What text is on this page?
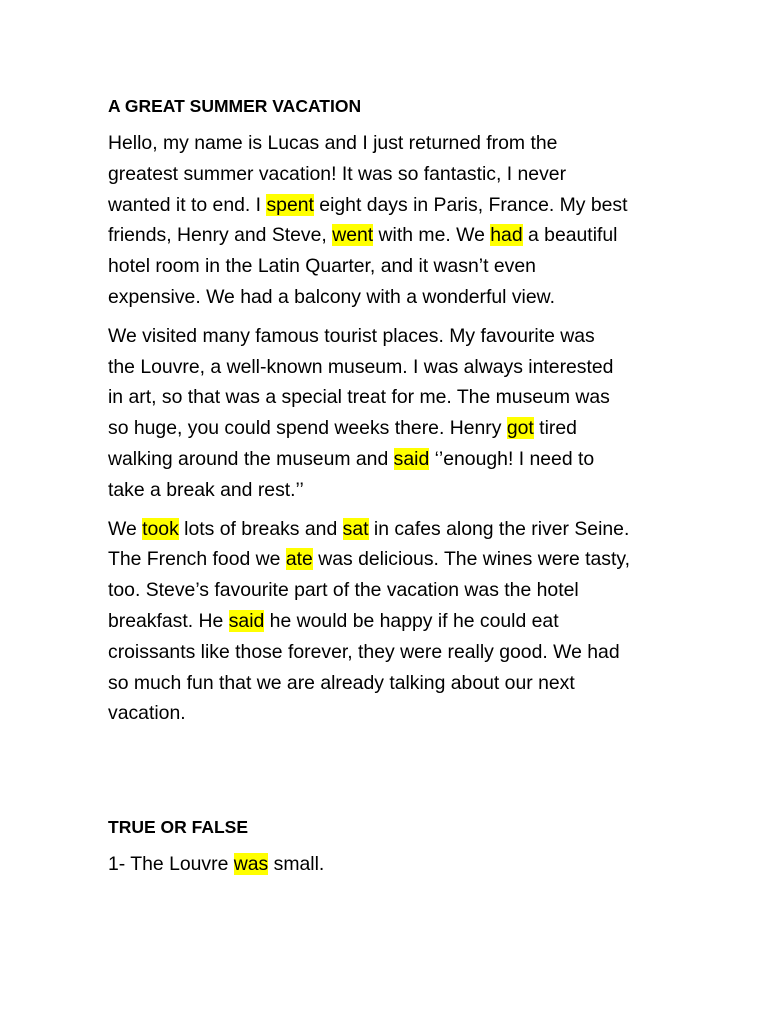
A GREAT SUMMER VACATION
Hello, my name is Lucas and I just returned from the
greatest summer vacation! It was so fantastic, I never
wanted it to end. I spent eight days in Paris, France. My best
friends, Henry and Steve, went with me. We had a beautiful
hotel room in the Latin Quarter, and it wasn’t even
expensive. We had a balcony with a wonderful view.
We visited many famous tourist places. My favourite was
the Louvre, a well-known museum. I was always interested
in art, so that was a special treat for me. The museum was
so huge, you could spend weeks there. Henry got tired
walking around the museum and said ‘’enough! I need to
take a break and rest.’’
We took lots of breaks and sat in cafes along the river Seine.
The French food we ate was delicious. The wines were tasty,
too. Steve’s favourite part of the vacation was the hotel
breakfast. He said he would be happy if he could eat
croissants like those forever, they were really good. We had
so much fun that we are already talking about our next
vacation.
TRUE OR FALSE
1- The Louvre was small.
